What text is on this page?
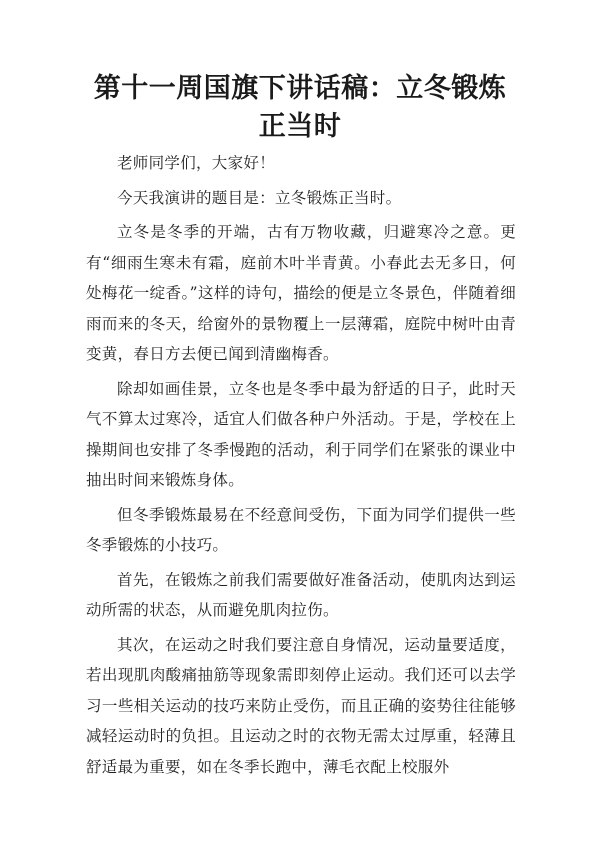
第十一周国旗下讲话稿：立冬锻炼正当时

老师同学们，大家好！

今天我演讲的题目是：立冬锻炼正当时。

立冬是冬季的开端，古有万物收藏，归避寒冷之意。更有“细雨生寒未有霜，庭前木叶半青黄。小春此去无多日，何处梅花一绽香。”这样的诗句，描绘的便是立冬景色，伴随着细雨而来的冬天，给窗外的景物覆上一层薄霜，庭院中树叶由青变黄，春日方去便已闻到清幽梅香。

除却如画佳景，立冬也是冬季中最为舒适的日子，此时天气不算太过寒冷，适宜人们做各种户外活动。于是，学校在上操期间也安排了冬季慢跑的活动，利于同学们在紧张的课业中抽出时间来锻炼身体。

但冬季锻炼最易在不经意间受伤，下面为同学们提供一些冬季锻炼的小技巧。

首先，在锻炼之前我们需要做好准备活动，使肌肉达到运动所需的状态，从而避免肌肉拉伤。

其次，在运动之时我们要注意自身情况，运动量要适度，若出现肌肉酸痛抽筋等现象需即刻停止运动。我们还可以去学习一些相关运动的技巧来防止受伤，而且正确的姿势往往能够减轻运动时的负担。且运动之时的衣物无需太过厚重，轻薄且舒适最为重要，如在冬季长跑中，薄毛衣配上校服外
